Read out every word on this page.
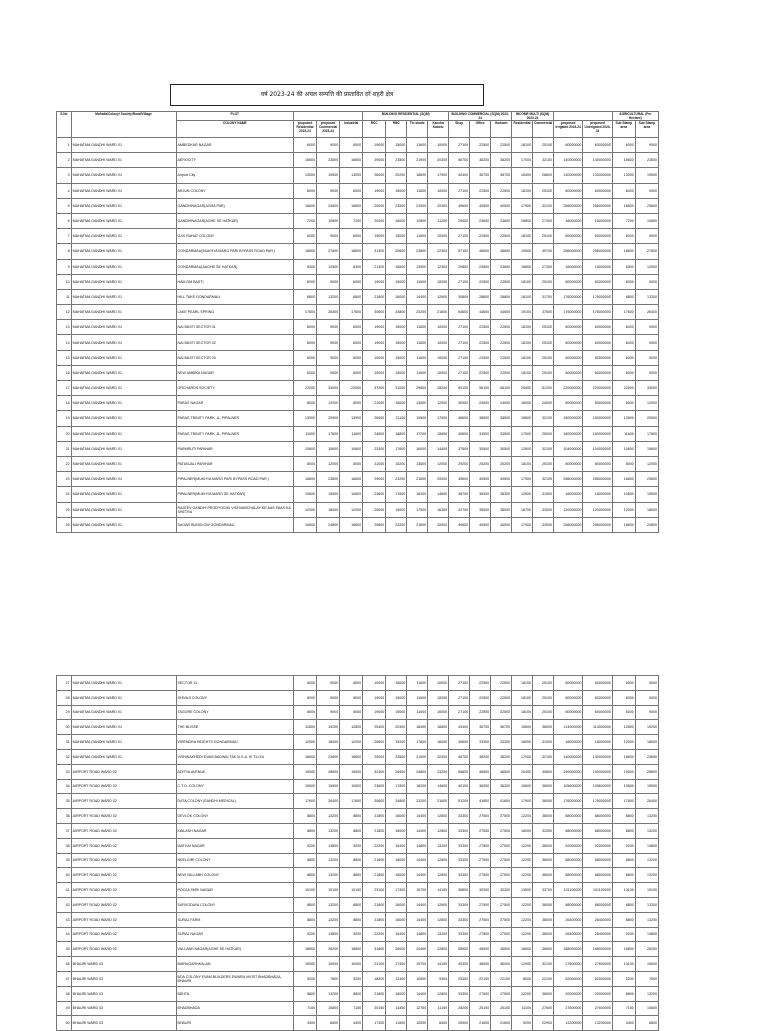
वर्ष 2023-24 की अचल सम्पत्ति की प्रस्तावित दरें शहरी क्षेत्र
S.No	Mohalla/Colony/ Society/Road/Village	PLOT				BUILDING RESIDENTIAL (SQM)				BUILDING COMMERCIAL (SQM) 2023-24			INCOME MULTI (SQM) 2023-24				AGRICULTURAL (Per Hectare)	
		COLONY NAME	proposed Residential 2023-24	proposed Commercial 2023-24	Industrial	RCC	RBC	Tin shade	Kaccha Kabelu	Shop	Office	Godown	Residential	Commercial	proposed Irrigated 2023-24	proposed Unirrigated 2023-24	Sub Stamp area	Sub Stamp area
1	MAHATMA GANDHI WARD 01	AMBEDKAR NAGAR	6000	9000	6000	19000	15000	11600	10000	27100	22500	22500	18100	25100	60000000	60000000	6000	9000
2	MAHATMA GANDHI WARD 01	AEROCITY	16600	23600	16600	29000	23500	21900	20300	46700	38200	38200	17000	32100	140000000	140000000	16600	23600
3	MAHATMA GANDHI WARD 01	Airport City	13000	19500	13000	26000	20200	18600	17900	42400	36700	36700	15400	28600	130000000	130000000	13000	19500
4	MAHATMA GANDHI WARD 01	ARJUN COLONY	6000	9000	6000	19000	15000	11600	10000	27100	22500	22500	18100	25100	60000000	60000000	6000	9000
5	MAHATMA GANDHI WARD 01	GANDHINAGAR(AGHA PAR)	16600	23600	16600	29000	23500	21900	20300	49600	40500	40500	17900	32100	256000000	256000000	16600	23600
6	MAHATMA GANDHI WARD 01	GANDHINAGAR(AGHE SE HATKAR)	7200	10800	7200	20200	16000	12800	11200	29000	23600	23600	18800	27300	16000000	16000000	7200	10800
7	MAHATMA GANDHI WARD 01	GAS RAHAT COLONY	6000	9000	6000	19000	15000	11600	10000	27100	22500	22500	18100	25100	60000000	60000000	6000	9000
8	MAHATMA GANDHI WARD 01	GONDARMAU(MUKHYA MARG PAR/ BYPASS ROAD PAR )	18600	27600	18600	31300	25600	23800	22300	57100	46600	46600	19900	39700	256000000	256000000	18600	27600
9	MAHATMA GANDHI WARD 01	GONDARMAU(AAGHE SE HATKAR)	8300	12500	8300	21300	16500	13900	12300	29800	23600	23600	18800	27300	16000000	16000000	8300	12500
10	MAHATMA GANDHI WARD 01	HAM DM BASTI	6000	9000	6000	19000	15000	11600	10000	27100	22500	22500	18100	25100	60000000	60000000	6000	9000
11	MAHATMA GANDHI WARD 01	HILL TAKE GONDARMAU	8800	13200	8800	21800	16000	14400	12800	30800	28800	28800	16100	31700	176000000	176000000	8800	13200
12	MAHATMA GANDHI WARD 01	LAKE PEARL SPRING	17600	26400	17600	30600	24800	23200	21600	54600	44600	44600	19100	37600	176000000	176000000	17600	26400
13	MAHATMA GANDHI WARD 01	NAI BASTI SECTOR 01	6000	9000	6000	19000	15000	11600	10000	27100	22500	22500	18100	25100	60000000	60000000	6000	9000
14	MAHATMA GANDHI WARD 01	NAI BASTI SECTOR 02	6000	9000	6000	19000	15000	11600	10000	27100	22500	22500	18100	25100	60000000	60000000	6000	9000
15	MAHATMA GANDHI WARD 01	NAI BASTI SECTOR 03	6000	9000	6000	19000	15000	11600	10000	27100	22500	22500	18100	25100	60000000	60000000	6000	9000
16	MAHATMA GANDHI WARD 01	NEW AMBIKA NAGAR	6000	9000	6000	19000	15000	11600	10000	27100	22500	22500	18100	25100	60000000	60000000	6000	9000
17	MAHATMA GANDHI WARD 01	ORCHARDS SOCIETY	22000	33000	22000	37200	31000	29800	28200	69100	56100	56100	20900	51200	220000000	220000000	22000	33000
18	MAHATMA GANDHI WARD 01	PARAS NAGAR	8000	12000	8000	21000	15000	13600	12000	30000	24000	24000	18000	24000	80000000	80000000	8000	12000
19	MAHATMA GANDHI WARD 01	PARAS TRINITY PARK -A- PIPALNER	13900	20900	13900	26900	21100	19500	17900	46600	38500	38500	18600	32100	150000000	150000000	13900	20900
20	MAHATMA GANDHI WARD 01	PARAS TRINITY PARK -B- PIPALNER	11600	17600	11600	24600	18800	17200	15600	40600	33500	33500	17500	25000	160000000	160000000	11600	17600
21	MAHATMA GANDHI WARD 01	PARMRUTI PARIHAR	10600	15600	10600	23300	17600	16000	14400	37500	30500	30500	12800	32100	104000000	104000000	10600	15600
22	MAHATMA GANDHI WARD 01	PATANJALI PARIHAR	8000	12000	8000	21000	15200	13600	12000	29200	25200	25200	18100	25100	80000000	80000000	8000	12000
23	MAHATMA GANDHI WARD 01	PIPALNER(MUKHYA MARG PAR/ BYPASS ROAD PAR )	16600	23600	16600	29000	23200	21600	20000	49600	40500	40500	17900	32100	256000000	256000000	16600	23600
24	MAHATMA GANDHI WARD 01	PIPALNER(MUKHYA MARG SE HATKAR)	10600	15900	10600	23600	17800	16200	14600	38700	38300	38300	12600	31500	16000000	16000000	10600	15900
25	MAHATMA GANDHI WARD 01	RAJEEV GANDHI PRODYOGIKI VISHVAVIDYALAY KE AAS PAAS KA SHETRA	12000	18000	12000	25000	19000	17900	16300	42700	35000	35000	16700	33000	120000000	120000000	12000	18000
26	MAHATMA GANDHI WARD 01	SAGAR BUNGLOW GONDARMAU	16600	24800	16600	29800	23200	21600	20000	49600	40500	40500	17900	33000	256000000	256000000	16600	24800
27	MAHATMA GANDHI WARD 01	SECTOR 11	6000	9000	6000	19000	15000	11600	10000	27100	22500	22500	18100	25100	60000000	60000000	6000	9000
28	MAHATMA GANDHI WARD 01	SHIVAJI COLONY	6000	9000	6000	19000	15000	11600	10000	27100	22500	22500	18100	25100	60000000	60000000	6000	9000
29	MAHATMA GANDHI WARD 01	TAGORE COLONY	6000	9000	6000	19000	15000	11600	10000	27100	22500	22500	18100	25100	60000000	60000000	6000	9000
30	MAHATMA GANDHI WARD 01	THE BLISSE	12800	19200	12800	25400	20300	18400	16800	43400	36700	36700	15600	38000	114000000	114000000	12800	19200
31	MAHATMA GANDHI WARD 01	VIRENDRA HEIGHTS GONDARMAU	12000	18000	12000	25600	19200	17600	16000	40600	33300	33300	18000	31000	16000000	16000000	12000	18000
32	MAHATMA GANDHI WARD 01	VISHWAKHEDI EVAM BADWAI TAK N.G.A. KI TILIYA	16600	23600	16600	29000	23500	21900	20300	46700	38200	38200	17000	32100	140000000	140000000	16600	23600
33	AIRPORT ROAD WARD 02	ADITYA AVENUE	19000	28800	19000	32400	26400	24800	23200	56800	46500	46500	20400	40600	190000000	190000000	19000	28800
34	AIRPORT ROAD WARD 02	C.T.O. COLONY	10600	15900	10600	23600	17800	16200	14600	40100	36300	36300	15600	38000	105600000	105600000	10600	15900
35	AIRPORT ROAD WARD 02	DATA COLONY(GANDHI MEDICAL)	17600	26400	17600	30600	24800	23200	21600	51200	41800	41800	17900	38000	176000000	176000000	17600	26400
36	AIRPORT ROAD WARD 02	DEVLOK COLONY	8800	13200	8800	21800	16000	14400	12800	33300	27500	27500	12200	38000	88000000	88000000	8800	13200
37	AIRPORT ROAD WARD 02	KAILASH NAGAR	8800	13200	8800	21800	16000	14400	12800	33300	27500	27500	18000	32000	88000000	88000000	8800	13200
38	AIRPORT ROAD WARD 02	MATHAI NAGAR	9200	13800	9200	22200	16400	14800	13200	33300	27500	27500	12200	38000	92000000	92000000	9200	13800
39	AIRPORT ROAD WARD 02	NEELGIRI COLONY	8800	13200	8800	21800	16000	14400	12800	33300	27500	27500	12200	38000	88000000	88000000	8800	13200
40	AIRPORT ROAD WARD 02	NEW VALLABH COLONY	8800	13200	8800	21800	16000	14400	12800	33300	27500	27500	12200	38000	88000000	88000000	8800	13200
41	AIRPORT ROAD WARD 02	POOJA SHRI NAGAR	10100	15100	10100	23100	17300	15700	14100	36800	30300	30300	13500	33700	101100000	101100000	10100	15100
42	AIRPORT ROAD WARD 02	SARVODAYA COLONY	8800	13200	8800	21800	16000	14400	12800	33300	27500	27500	12200	38000	88000000	88000000	8800	13200
43	AIRPORT ROAD WARD 02	SURAJ FARM	8800	13200	8800	21800	16000	14400	12800	33300	27500	27500	12200	38000	26400000	26400000	8800	13200
44	AIRPORT ROAD WARD 02	SURAJ NAGAR	9200	13800	9200	22200	16400	14800	13200	33300	27500	27500	12200	38000	26400000	26400000	9200	13800
45	AIRPORT ROAD WARD 02	VALLABH NAGAR(AGHE SE HATKAR)	18800	28200	18800	31800	26000	24400	22800	55900	45500	45500	18600	36600	188000000	188000000	18800	28200
46	BHAURI WARD 03	BAIRAGARHKALAN	10000	15000	10000	23100	17400	15700	14100	40300	36000	36000	12900	32100	27600000	27600000	10100	15000
47	BHAURI WARD 03	BDA COLONY EVAM BUILDERS DWARA VIKSIT BHADBHADA, BHAURI	5200	7800	5200	18200	12400	10800	9300	25300	22100	22100	8000	22100	52000000	52000000	5200	7800
48	BHAURI WARD 03	BEHTA	8800	13200	8800	21800	16000	14400	12800	33300	27500	27500	12200	38000	20000000	20000000	8800	13200
49	BHAURI WARD 03	BHADBHADA	7150	10800	7150	20150	14350	12750	11150	28200	25100	25100	11100	27600	27600000	27600000	7150	10800
50	BHAURI WARD 03	BHAURI	3400	6600	4400	17300	11600	10000	8400	25900	21600	21600	9200	22900	13200000	13200000	4400	6600
